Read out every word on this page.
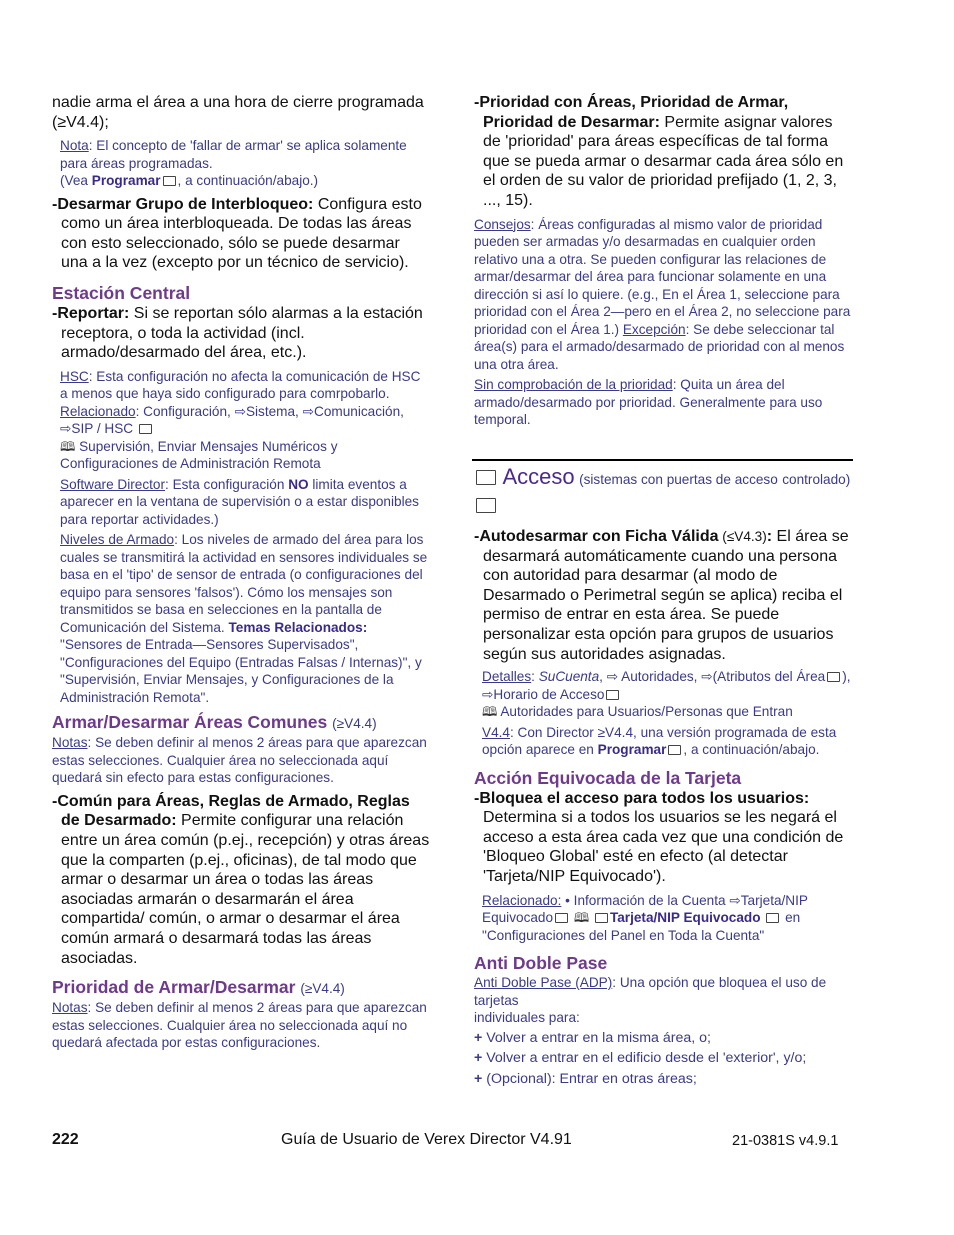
nadie arma el área a una hora de cierre programada (≥V4.4);

Nota: El concepto de 'fallar de armar' se aplica solamente para áreas programadas.
(Vea Programar , a continuación/abajo.)

-Desarmar Grupo de Interbloqueo: Configura esto como un área interbloqueada. De todas las áreas con esto seleccionado, sólo se puede desarmar una a la vez (excepto por un técnico de servicio).

Estación Central

-Reportar: Si se reportan sólo alarmas a la estación receptora, o toda la actividad (incl. armado/desarmado del área, etc.).

HSC: Esta configuración no afecta la comunicación de HSC a menos que haya sido configurado para comrpobarlo. Relacionado: Configuración, ⇨Sistema, ⇨Comunicación, ⇨SIP / HSC
🕮 Supervisión, Enviar Mensajes Numéricos y Configuraciones de Administración Remota

Software Director: Esta configuración NO limita eventos a aparecer en la ventana de supervisión o a estar disponibles para reportar actividades.)

Niveles de Armado: Los niveles de armado del área para los cuales se transmitirá la actividad en sensores individuales se basa en el 'tipo' de sensor de entrada (o configuraciones del equipo para sensores 'falsos'). Cómo los mensajes son transmitidos se basa en selecciones en la pantalla de Comunicación del Sistema. Temas Relacionados: "Sensores de Entrada—Sensores Supervisados", "Configuraciones del Equipo (Entradas Falsas / Internas)", y "Supervisión, Enviar Mensajes, y Configuraciones de la Administración Remota".

Armar/Desarmar Áreas Comunes (≥V4.4)

Notas: Se deben definir al menos 2 áreas para que aparezcan estas selecciones. Cualquier área no seleccionada aquí quedará sin efecto para estas configuraciones.

-Común para Áreas, Reglas de Armado, Reglas de Desarmado: Permite configurar una relación entre un área común (p.ej., recepción) y otras áreas que la comparten (p.ej., oficinas), de tal modo que armar o desarmar un área o todas las áreas asociadas armarán o desarmarán el área compartida/ común, o armar o desarmar el área común armará o desarmará todas las áreas asociadas.

Prioridad de Armar/Desarmar (≥V4.4)

Notas: Se deben definir al menos 2 áreas para que aparezcan estas selecciones. Cualquier área no seleccionada aquí no quedará afectada por estas configuraciones.

-Prioridad con Áreas, Prioridad de Armar, Prioridad de Desarmar: Permite asignar valores de 'prioridad' para áreas específicas de tal forma que se pueda armar o desarmar cada área sólo en el orden de su valor de prioridad prefijado (1, 2, 3, ..., 15).

Consejos: Áreas configuradas al mismo valor de prioridad pueden ser armadas y/o desarmadas en cualquier orden relativo una a otra. Se pueden configurar las relaciones de armar/desarmar del área para funcionar solamente en una dirección si así lo quiere. (e.g., En el Área 1, seleccione para prioridad con el Área 2—pero en el Área 2, no seleccione para prioridad con el Área 1.) Excepción: Se debe seleccionar tal área(s) para el armado/desarmado de prioridad con al menos una otra área.

Sin comprobación de la prioridad: Quita un área del armado/desarmado por prioridad. Generalmente para uso temporal.

Acceso (sistemas con puertas de acceso controlado)

-Autodesarmar con Ficha Válida (≤V4.3): El área se desarmará automáticamente cuando una persona con autoridad para desarmar (al modo de Desarmado o Perimetral según se aplica) reciba el permiso de entrar en esta área. Se puede personalizar esta opción para grupos de usuarios según sus autoridades asignadas.

Detalles: SuCuenta, ⇨ Autoridades, ⇨(Atributos del Área ), ⇨Horario de Acceso
🕮 Autoridades para Usuarios/Personas que Entran

V4.4: Con Director ≥V4.4, una versión programada de esta opción aparece en Programar , a continuación/abajo.

Acción Equivocada de la Tarjeta

-Bloquea el acceso para todos los usuarios: Determina si a todos los usuarios se les negará el acceso a esta área cada vez que una condición de 'Bloqueo Global' esté en efecto (al detectar 'Tarjeta/NIP Equivocado').

Relacionado: • Información de la Cuenta ⇨Tarjeta/NIP Equivocado 🕮 Tarjeta/NIP Equivocado  en "Configuraciones del Panel en Toda la Cuenta"

Anti Doble Pase

Anti Doble Pase (ADP): Una opción que bloquea el uso de tarjetas
individuales para:

+ Volver a entrar en la misma área, o;

+ Volver a entrar en el edificio desde el 'exterior', y/o;

+ (Opcional): Entrar en otras áreas;

222	Guía de Usuario de Verex Director V4.91	21-0381S v4.9.1
